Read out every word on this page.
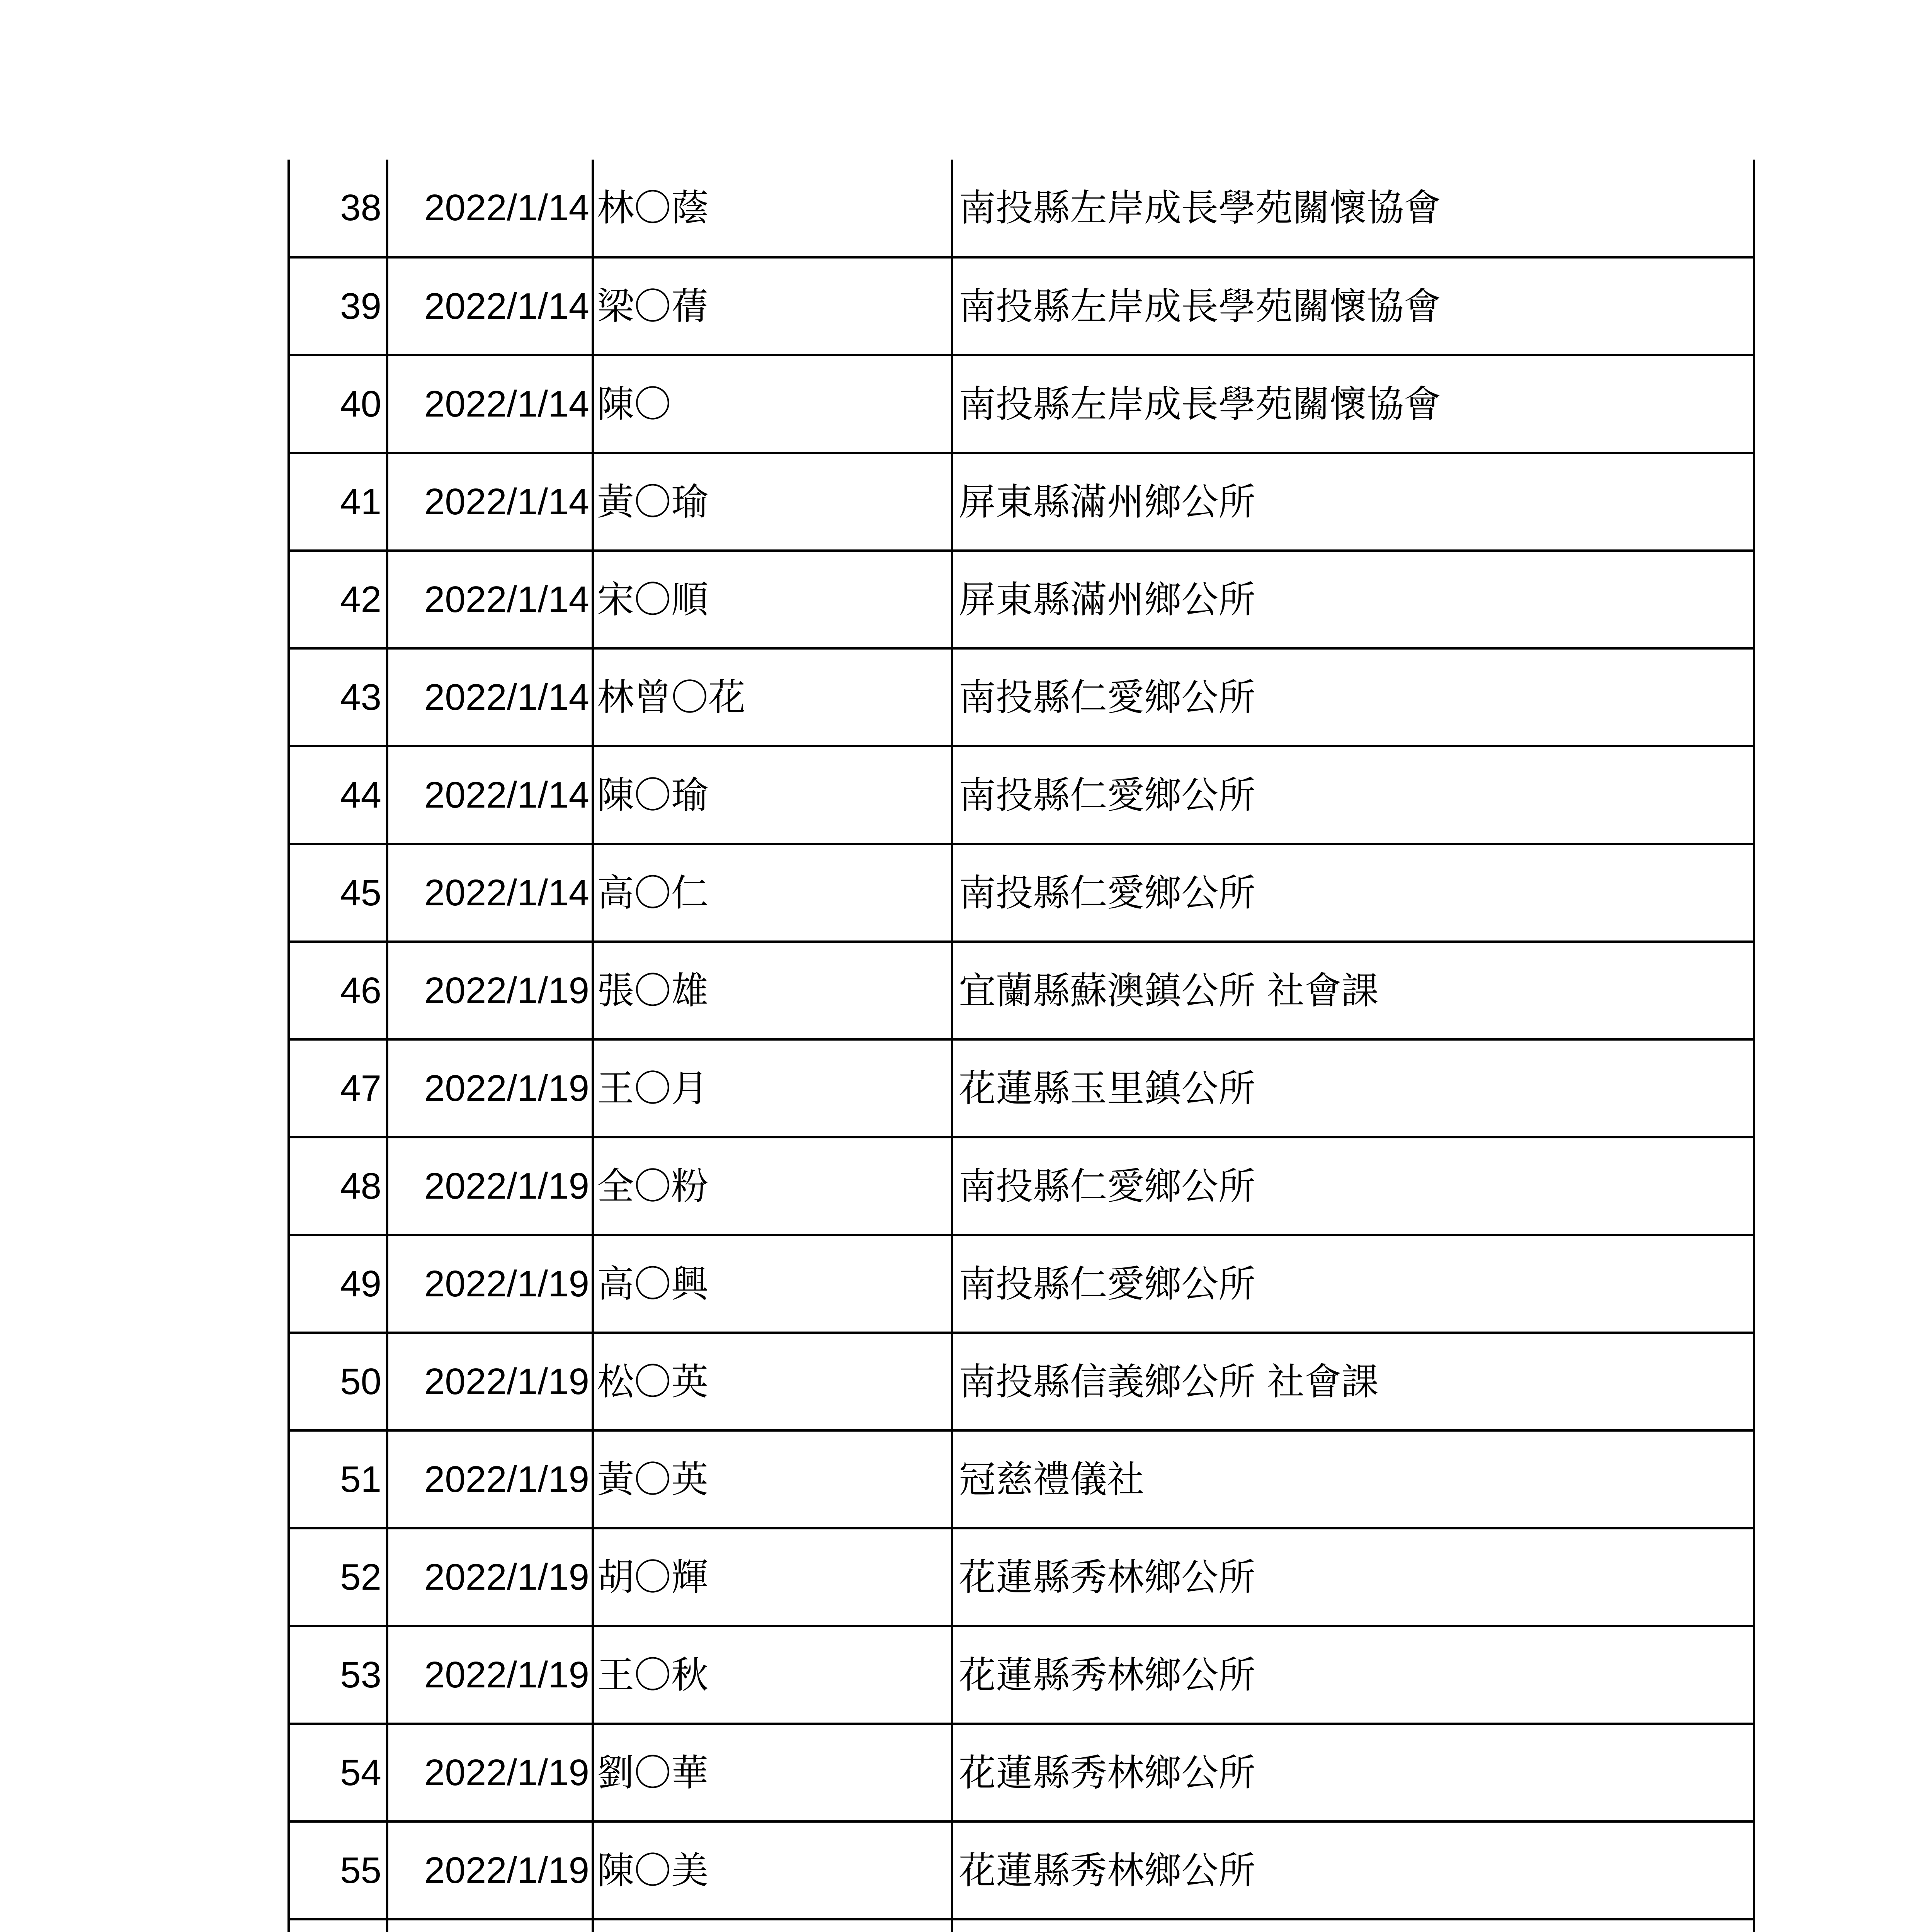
38	2022/1/14	林〇蔭	南投縣左岸成長學苑關懷協會
39	2022/1/14	梁〇蒨	南投縣左岸成長學苑關懷協會
40	2022/1/14	陳〇	南投縣左岸成長學苑關懷協會
41	2022/1/14	黃〇瑜	屏東縣滿州鄉公所
42	2022/1/14	宋〇順	屏東縣滿州鄉公所
43	2022/1/14	林曾〇花	南投縣仁愛鄉公所
44	2022/1/14	陳〇瑜	南投縣仁愛鄉公所
45	2022/1/14	高〇仁	南投縣仁愛鄉公所
46	2022/1/19	張〇雄	宜蘭縣蘇澳鎮公所 社會課
47	2022/1/19	王〇月	花蓮縣玉里鎮公所
48	2022/1/19	全〇粉	南投縣仁愛鄉公所
49	2022/1/19	高〇興	南投縣仁愛鄉公所
50	2022/1/19	松〇英	南投縣信義鄉公所 社會課
51	2022/1/19	黃〇英	冠慈禮儀社
52	2022/1/19	胡〇輝	花蓮縣秀林鄉公所
53	2022/1/19	王〇秋	花蓮縣秀林鄉公所
54	2022/1/19	劉〇華	花蓮縣秀林鄉公所
55	2022/1/19	陳〇美	花蓮縣秀林鄉公所
